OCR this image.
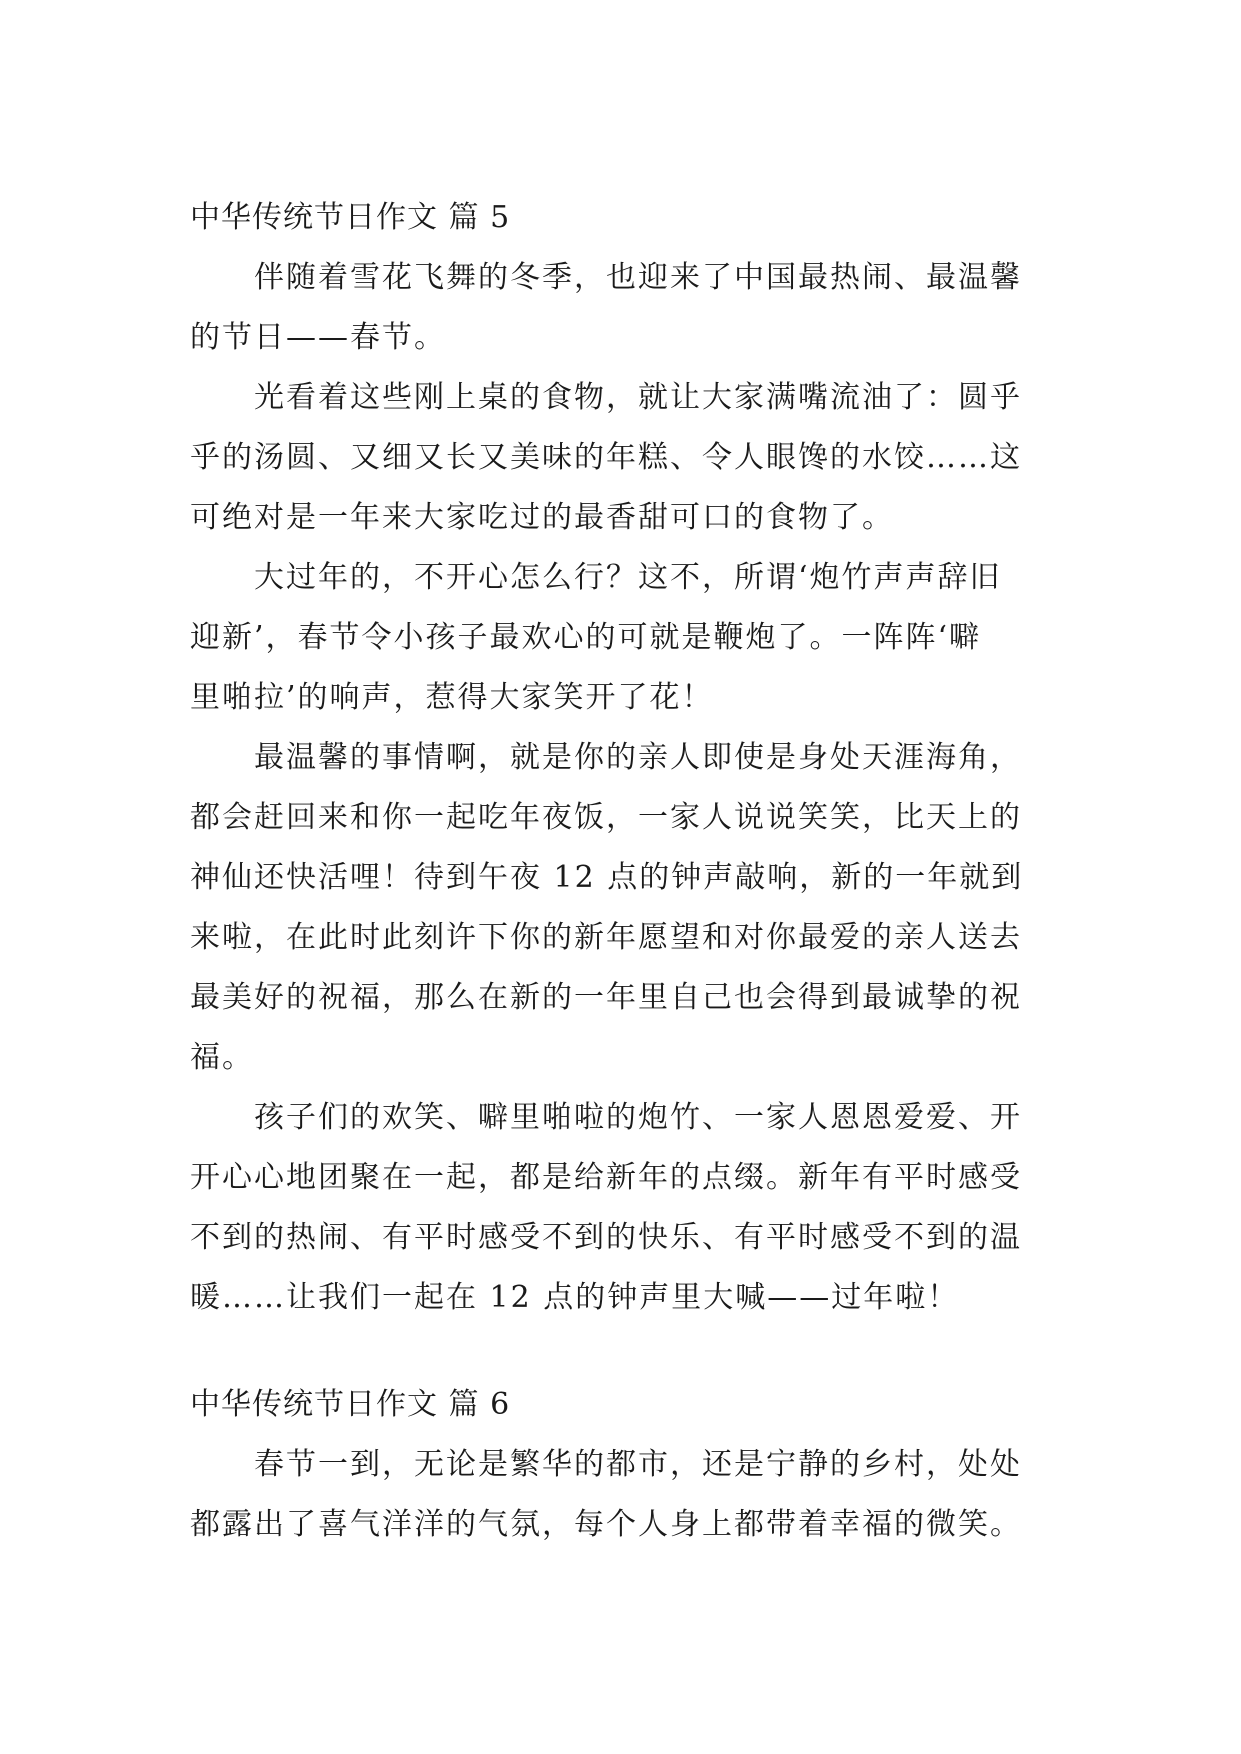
中华传统节日作文 篇 5

伴随着雪花飞舞的冬季，也迎来了中国最热闹、最温馨
的节日——春节。

光看着这些刚上桌的食物，就让大家满嘴流油了：圆乎
乎的汤圆、又细又长又美味的年糕、令人眼馋的水饺……这
可绝对是一年来大家吃过的最香甜可口的食物了。

大过年的，不开心怎么行？这不，所谓‘炮竹声声辞旧
迎新’，春节令小孩子最欢心的可就是鞭炮了。一阵阵‘噼
里啪拉’的响声，惹得大家笑开了花！

最温馨的事情啊，就是你的亲人即使是身处天涯海角，
都会赶回来和你一起吃年夜饭，一家人说说笑笑，比天上的
神仙还快活哩！待到午夜 12 点的钟声敲响，新的一年就到
来啦，在此时此刻许下你的新年愿望和对你最爱的亲人送去
最美好的祝福，那么在新的一年里自己也会得到最诚挚的祝
福。

孩子们的欢笑、噼里啪啦的炮竹、一家人恩恩爱爱、开
开心心地团聚在一起，都是给新年的点缀。新年有平时感受
不到的热闹、有平时感受不到的快乐、有平时感受不到的温
暖……让我们一起在 12 点的钟声里大喊——过年啦！

中华传统节日作文 篇 6

春节一到，无论是繁华的都市，还是宁静的乡村，处处
都露出了喜气洋洋的气氛，每个人身上都带着幸福的微笑。
